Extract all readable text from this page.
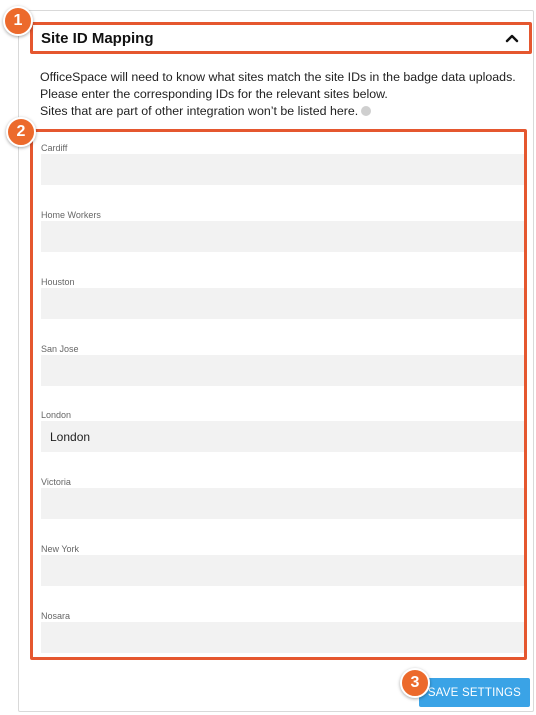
1
Site ID Mapping
OfficeSpace will need to know what sites match the site IDs in the badge data uploads.
Please enter the corresponding IDs for the relevant sites below.
Sites that are part of other integration won’t be listed here.
2
Cardiff
Home Workers
Houston
San Jose
London
London
Victoria
New York
Nosara
3
SAVE SETTINGS
